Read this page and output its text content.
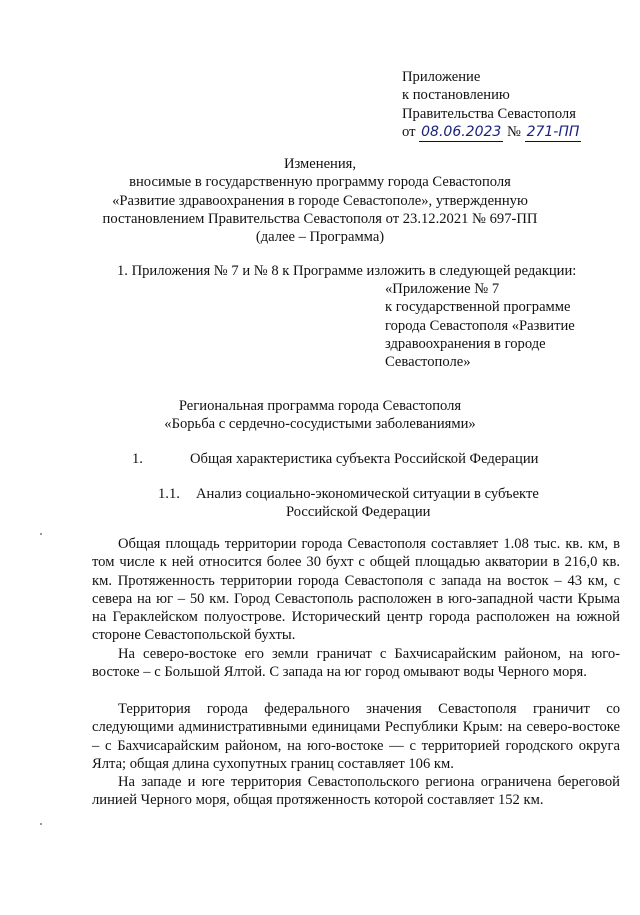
Приложение
к постановлению
Правительства Севастополя
от 08.06.2023 № 271-ПП
Изменения,
вносимые в государственную программу города Севастополя
«Развитие здравоохранения в городе Севастополе», утвержденную
постановлением Правительства Севастополя от 23.12.2021 № 697-ПП
(далее – Программа)
1. Приложения № 7 и № 8 к Программе изложить в следующей редакции:
«Приложение № 7
к государственной программе
города Севастополя «Развитие
здравоохранения в городе
Севастополе»
Региональная программа города Севастополя
«Борьба с сердечно-сосудистыми заболеваниями»
1.	Общая характеристика субъекта Российской Федерации
1.1. Анализ социально-экономической ситуации в субъекте
Российской Федерации

Общая площадь территории города Севастополя составляет 1.08 тыс. кв. км, в том числе к ней относится более 30 бухт с общей площадью акватории в 216,0 кв. км. Протяженность территории города Севастополя с запада на восток – 43 км, с севера на юг – 50 км. Город Севастополь расположен в юго-западной части Крыма на Гераклейском полуострове. Исторический центр города расположен на южной стороне Севастопольской бухты.

На северо-востоке его земли граничат с Бахчисарайским районом, на юго-востоке – с Большой Ялтой. С запада на юг город омывают воды Черного моря.

Территория города федерального значения Севастополя граничит со следующими административными единицами Республики Крым: на северо-востоке – с Бахчисарайским районом, на юго-востоке — с территорией городского округа Ялта; общая длина сухопутных границ составляет 106 км.

На западе и юге территория Севастопольского региона ограничена береговой линией Черного моря, общая протяженность которой составляет 152 км.
